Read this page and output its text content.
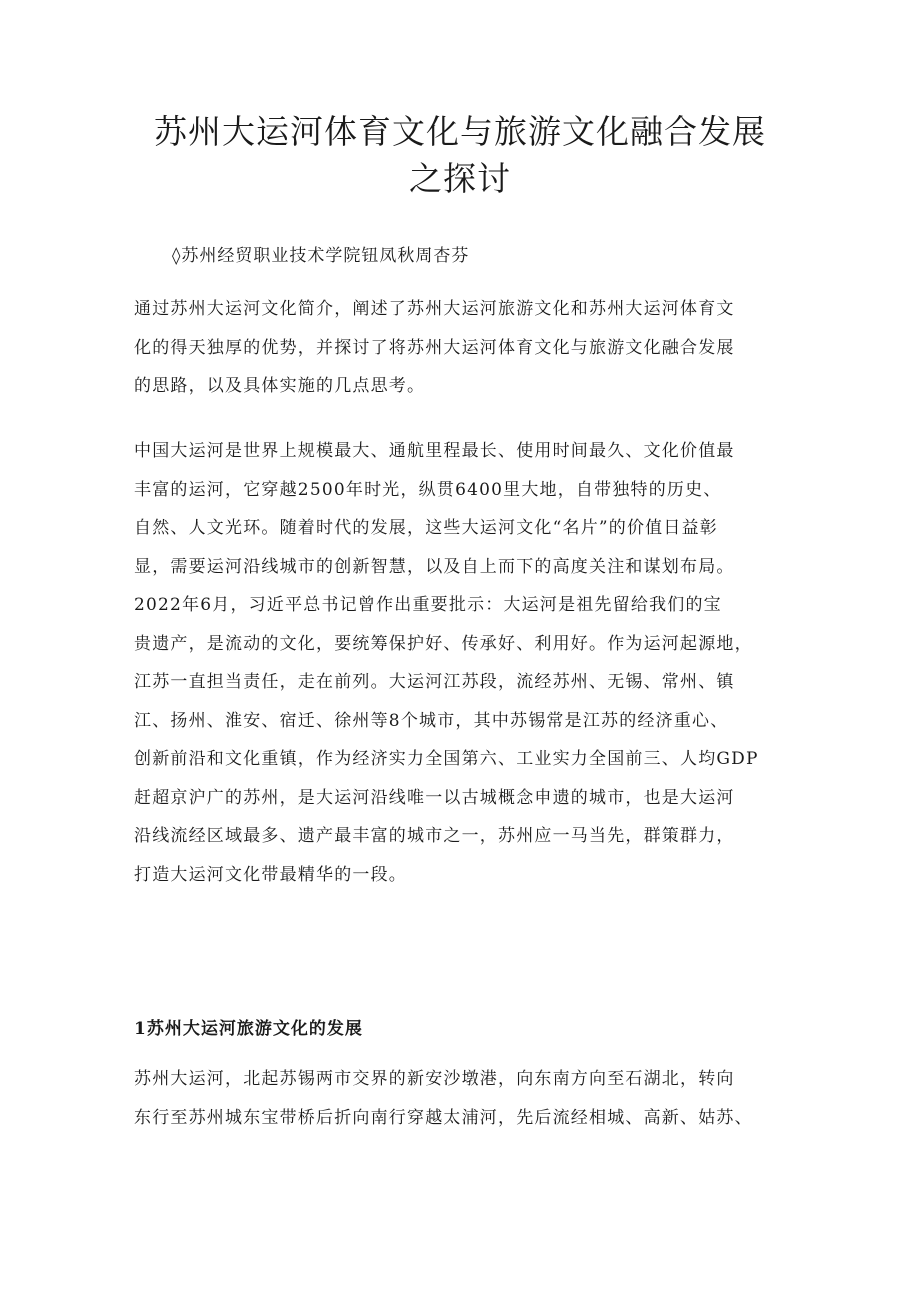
苏州大运河体育文化与旅游文化融合发展
之探讨

◊苏州经贸职业技术学院钮凤秋周杏芬

通过苏州大运河文化简介，阐述了苏州大运河旅游文化和苏州大运河体育文
化的得天独厚的优势，并探讨了将苏州大运河体育文化与旅游文化融合发展
的思路，以及具体实施的几点思考。
中国大运河是世界上规模最大、通航里程最长、使用时间最久、文化价值最
丰富的运河，它穿越2500年时光，纵贯6400里大地，自带独特的历史、
自然、人文光环。随着时代的发展，这些大运河文化“名片”的价值日益彰
显，需要运河沿线城市的创新智慧，以及自上而下的高度关注和谋划布局。
2022年6月，习近平总书记曾作出重要批示：大运河是祖先留给我们的宝
贵遗产，是流动的文化，要统筹保护好、传承好、利用好。作为运河起源地，
江苏一直担当责任，走在前列。大运河江苏段，流经苏州、无锡、常州、镇
江、扬州、淮安、宿迁、徐州等8个城市，其中苏锡常是江苏的经济重心、
创新前沿和文化重镇，作为经济实力全国第六、工业实力全国前三、人均GDP
赶超京沪广的苏州，是大运河沿线唯一以古城概念申遗的城市，也是大运河
沿线流经区域最多、遗产最丰富的城市之一，苏州应一马当先，群策群力，
打造大运河文化带最精华的一段。
1苏州大运河旅游文化的发展
苏州大运河，北起苏锡两市交界的新安沙墩港，向东南方向至石湖北，转向
东行至苏州城东宝带桥后折向南行穿越太浦河，先后流经相城、高新、姑苏、
